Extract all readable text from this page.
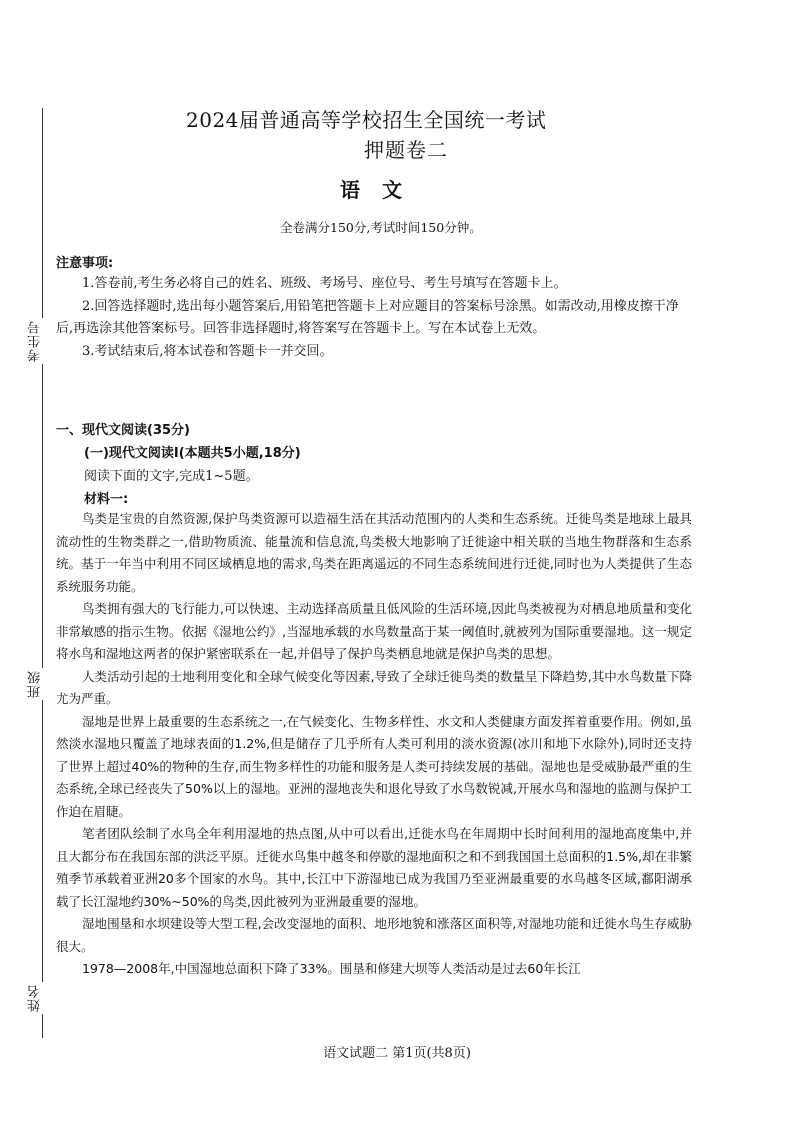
考生号
班级
姓名
2024届普通高等学校招生全国统一考试
押题卷二
语文
全卷满分150分,考试时间150分钟。
注意事项:

1.答卷前,考生务必将自己的姓名、班级、考场号、座位号、考生号填写在答题卡上。

2.回答选择题时,选出每小题答案后,用铅笔把答题卡上对应题目的答案标号涂黑。如需改动,用橡皮擦干净后,再选涂其他答案标号。回答非选择题时,将答案写在答题卡上。写在本试卷上无效。

3.考试结束后,将本试卷和答题卡一并交回。

一、现代文阅读(35分)
(一)现代文阅读Ⅰ(本题共5小题,18分)
阅读下面的文字,完成1~5题。
材料一:

鸟类是宝贵的自然资源,保护鸟类资源可以造福生活在其活动范围内的人类和生态系统。迁徙鸟类是地球上最具流动性的生物类群之一,借助物质流、能量流和信息流,鸟类极大地影响了迁徙途中相关联的当地生物群落和生态系统。基于一年当中利用不同区域栖息地的需求,鸟类在距离遥远的不同生态系统间进行迁徙,同时也为人类提供了生态系统服务功能。

鸟类拥有强大的飞行能力,可以快速、主动选择高质量且低风险的生活环境,因此鸟类被视为对栖息地质量和变化非常敏感的指示生物。依据《湿地公约》,当湿地承载的水鸟数量高于某一阈值时,就被列为国际重要湿地。这一规定将水鸟和湿地这两者的保护紧密联系在一起,并倡导了保护鸟类栖息地就是保护鸟类的思想。

人类活动引起的土地利用变化和全球气候变化等因素,导致了全球迁徙鸟类的数量呈下降趋势,其中水鸟数量下降尤为严重。

湿地是世界上最重要的生态系统之一,在气候变化、生物多样性、水文和人类健康方面发挥着重要作用。例如,虽然淡水湿地只覆盖了地球表面的1.2%,但是储存了几乎所有人类可利用的淡水资源(冰川和地下水除外),同时还支持了世界上超过40%的物种的生存,而生物多样性的功能和服务是人类可持续发展的基础。湿地也是受威胁最严重的生态系统,全球已经丧失了50%以上的湿地。亚洲的湿地丧失和退化导致了水鸟数锐减,开展水鸟和湿地的监测与保护工作迫在眉睫。

笔者团队绘制了水鸟全年利用湿地的热点图,从中可以看出,迁徙水鸟在年周期中长时间利用的湿地高度集中,并且大都分布在我国东部的洪泛平原。迁徙水鸟集中越冬和停歇的湿地面积之和不到我国国土总面积的1.5%,却在非繁殖季节承载着亚洲20多个国家的水鸟。其中,长江中下游湿地已成为我国乃至亚洲最重要的水鸟越冬区域,鄱阳湖承载了长江湿地约30%~50%的鸟类,因此被列为亚洲最重要的湿地。

湿地围垦和水坝建设等大型工程,会改变湿地的面积、地形地貌和涨落区面积等,对湿地功能和迁徙水鸟生存威胁很大。

1978—2008年,中国湿地总面积下降了33%。围垦和修建大坝等人类活动是过去60年长江

语文试题二 第1页(共8页)
